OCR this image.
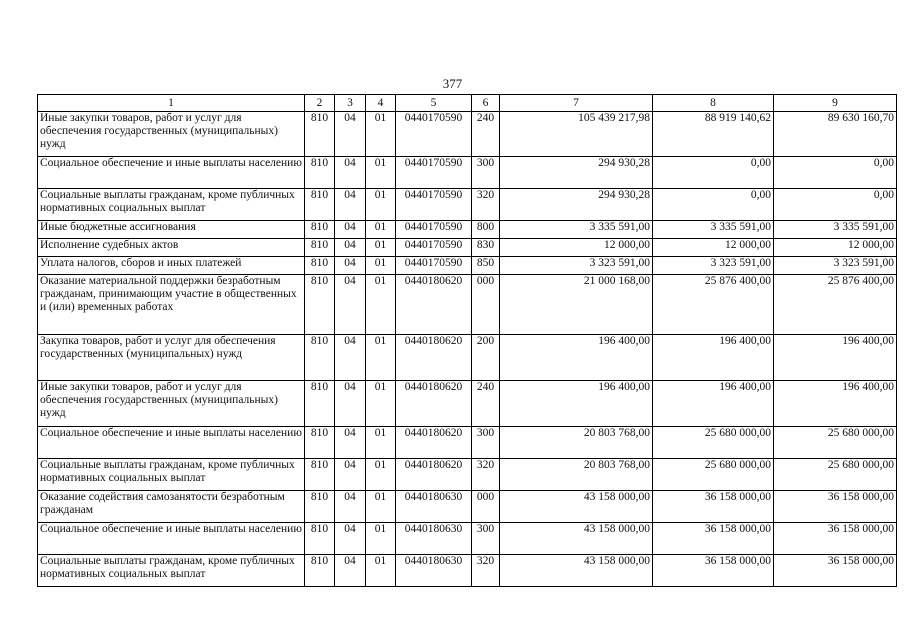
377
1	2	3	4	5	6	7	8	9
Иные закупки товаров, работ и услуг для обеспечения государственных (муниципальных) нужд	810	04	01	0440170590	240	105 439 217,98	88 919 140,62	89 630 160,70
Социальное обеспечение и иные выплаты населению	810	04	01	0440170590	300	294 930,28	0,00	0,00
Социальные выплаты гражданам, кроме публичных нормативных социальных выплат	810	04	01	0440170590	320	294 930,28	0,00	0,00
Иные бюджетные ассигнования	810	04	01	0440170590	800	3 335 591,00	3 335 591,00	3 335 591,00
Исполнение судебных актов	810	04	01	0440170590	830	12 000,00	12 000,00	12 000,00
Уплата налогов, сборов и иных платежей	810	04	01	0440170590	850	3 323 591,00	3 323 591,00	3 323 591,00
Оказание материальной поддержки безработным гражданам, принимающим участие в общественных и (или) временных работах	810	04	01	0440180620	000	21 000 168,00	25 876 400,00	25 876 400,00
Закупка товаров, работ и услуг для обеспечения государственных (муниципальных) нужд	810	04	01	0440180620	200	196 400,00	196 400,00	196 400,00
Иные закупки товаров, работ и услуг для обеспечения государственных (муниципальных) нужд	810	04	01	0440180620	240	196 400,00	196 400,00	196 400,00
Социальное обеспечение и иные выплаты населению	810	04	01	0440180620	300	20 803 768,00	25 680 000,00	25 680 000,00
Социальные выплаты гражданам, кроме публичных нормативных социальных выплат	810	04	01	0440180620	320	20 803 768,00	25 680 000,00	25 680 000,00
Оказание содействия самозанятости безработным гражданам	810	04	01	0440180630	000	43 158 000,00	36 158 000,00	36 158 000,00
Социальное обеспечение и иные выплаты населению	810	04	01	0440180630	300	43 158 000,00	36 158 000,00	36 158 000,00
Социальные выплаты гражданам, кроме публичных нормативных социальных выплат	810	04	01	0440180630	320	43 158 000,00	36 158 000,00	36 158 000,00
